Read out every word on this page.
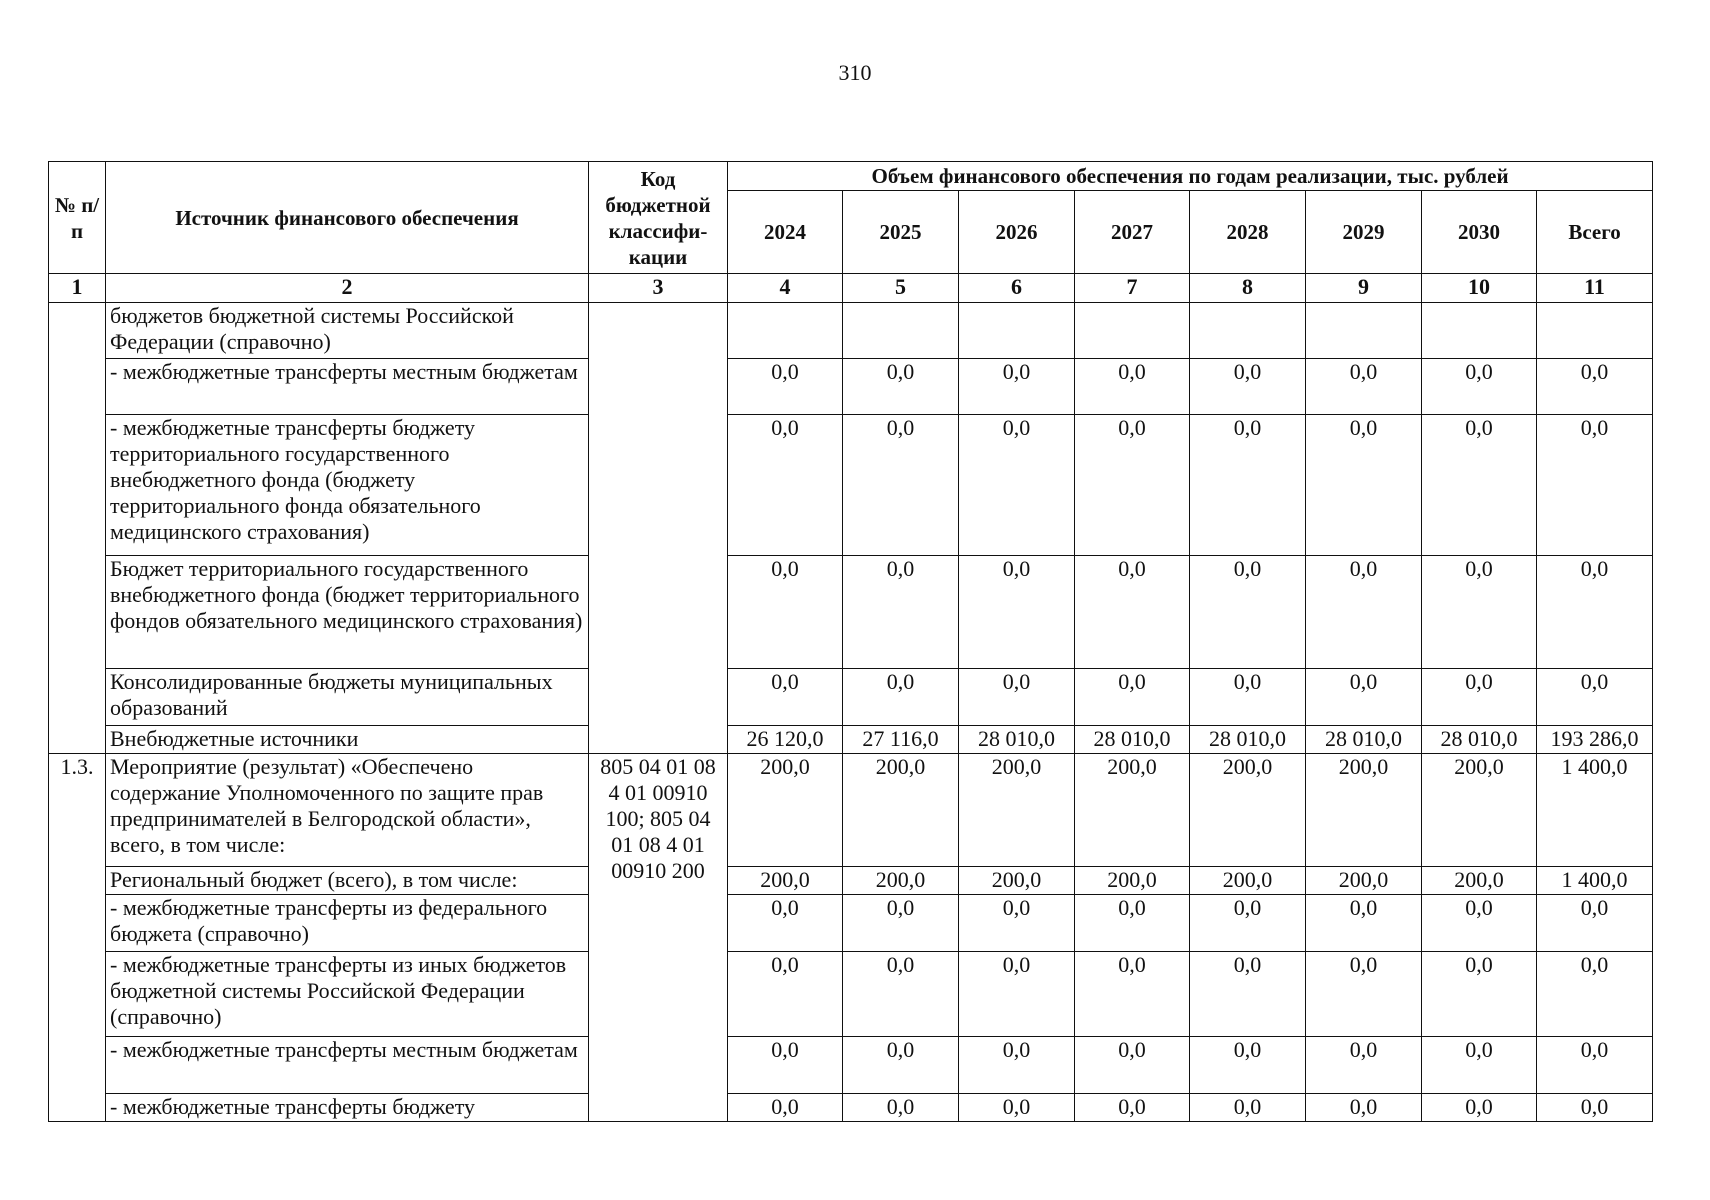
310
№ п/п	Источник финансового обеспечения	Код бюджетной классифи-кации	Объем финансового обеспечения по годам реализации, тыс. рублей							
			2024	2025	2026	2027	2028	2029	2030	Всего
1	2	3	4	5	6	7	8	9	10	11
	бюджетов бюджетной системы Российской Федерации (справочно)									
	- межбюджетные трансферты местным бюджетам		0,0	0,0	0,0	0,0	0,0	0,0	0,0	0,0
	- межбюджетные трансферты бюджету территориального государственного внебюджетного фонда (бюджету территориального фонда обязательного медицинского страхования)		0,0	0,0	0,0	0,0	0,0	0,0	0,0	0,0
	Бюджет территориального государственного внебюджетного фонда (бюджет территориального фондов обязательного медицинского страхования)		0,0	0,0	0,0	0,0	0,0	0,0	0,0	0,0
	Консолидированные бюджеты муниципальных образований		0,0	0,0	0,0	0,0	0,0	0,0	0,0	0,0
	Внебюджетные источники		26 120,0	27 116,0	28 010,0	28 010,0	28 010,0	28 010,0	28 010,0	193 286,0
1.3.	Мероприятие (результат) «Обеспечено содержание Уполномоченного по защите прав предпринимателей в Белгородской области», всего, в том числе:	805 04 01 08 4 01 00910 100; 805 04 01 08 4 01 00910 200	200,0	200,0	200,0	200,0	200,0	200,0	200,0	1 400,0
	Региональный бюджет (всего), в том числе:		200,0	200,0	200,0	200,0	200,0	200,0	200,0	1 400,0
	- межбюджетные трансферты из федерального бюджета (справочно)		0,0	0,0	0,0	0,0	0,0	0,0	0,0	0,0
	- межбюджетные трансферты из иных бюджетов бюджетной системы Российской Федерации (справочно)		0,0	0,0	0,0	0,0	0,0	0,0	0,0	0,0
	- межбюджетные трансферты местным бюджетам		0,0	0,0	0,0	0,0	0,0	0,0	0,0	0,0
	- межбюджетные трансферты бюджету		0,0	0,0	0,0	0,0	0,0	0,0	0,0	0,0
